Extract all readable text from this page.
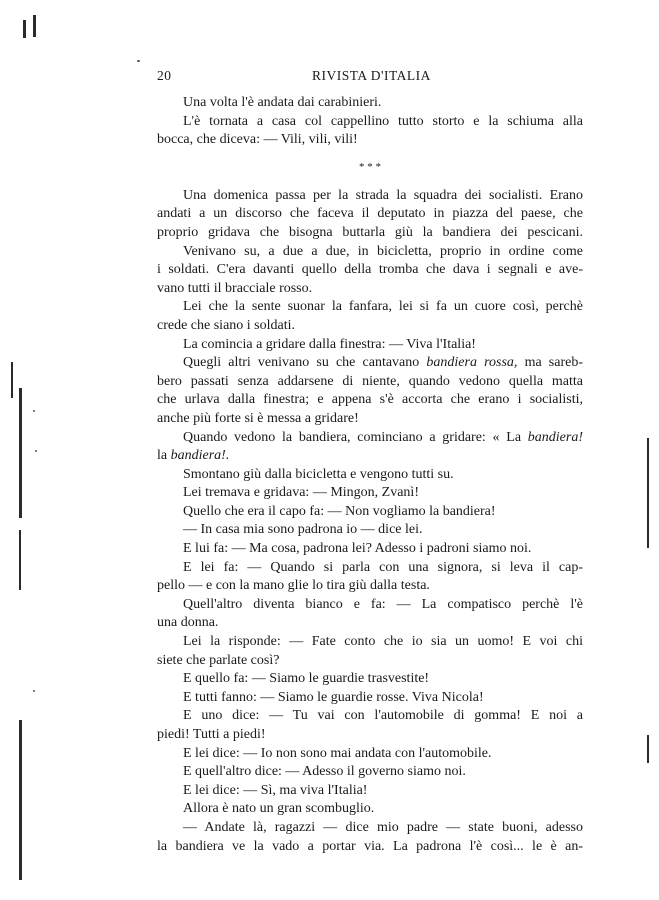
20	RIVISTA D'ITALIA
Una volta l'è andata dai carabinieri.
L'è tornata a casa col cappellino tutto storto e la schiuma alla
bocca, che diceva: — Vili, vili, vili!
* * *
Una domenica passa per la strada la squadra dei socialisti. Erano
andati a un discorso che faceva il deputato in piazza del paese, che
proprio gridava che bisogna buttarla giù la bandiera dei pescicani.
Venivano su, a due a due, in bicicletta, proprio in ordine come
i soldati. C'era davanti quello della tromba che dava i segnali e ave-
vano tutti il bracciale rosso.
Lei che la sente suonar la fanfara, lei si fa un cuore così, perchè
crede che siano i soldati.
La comincia a gridare dalla finestra: — Viva l'Italia!
Quegli altri venivano su che cantavano bandiera rossa, ma sareb-
bero passati senza addarsene di niente, quando vedono quella matta
che urlava dalla finestra; e appena s'è accorta che erano i socialisti,
anche più forte si è messa a gridare!
Quando vedono la bandiera, cominciano a gridare: « La bandiera!
la bandiera!.
Smontano giù dalla bicicletta e vengono tutti su.
Lei tremava e gridava: — Mingon, Zvanì!
Quello che era il capo fa: — Non vogliamo la bandiera!
— In casa mia sono padrona io — dice lei.
E lui fa: — Ma cosa, padrona lei? Adesso i padroni siamo noi.
E lei fa: — Quando si parla con una signora, si leva il cap-
pello — e con la mano glie lo tira giù dalla testa.
Quell'altro diventa bianco e fa: — La compatisco perchè l'è
una donna.
Lei la risponde: — Fate conto che io sia un uomo! E voi chi
siete che parlate così?
E quello fa: — Siamo le guardie trasvestite!
E tutti fanno: — Siamo le guardie rosse. Viva Nicola!
E uno dice: — Tu vai con l'automobile di gomma! E noi a
piedi! Tutti a piedi!
E lei dice: — Io non sono mai andata con l'automobile.
E quell'altro dice: — Adesso il governo siamo noi.
E lei dice: — Sì, ma viva l'Italia!
Allora è nato un gran scombuglio.
— Andate là, ragazzi — dice mio padre — state buoni, adesso
la bandiera ve la vado a portar via. La padrona l'è così... le è an-
